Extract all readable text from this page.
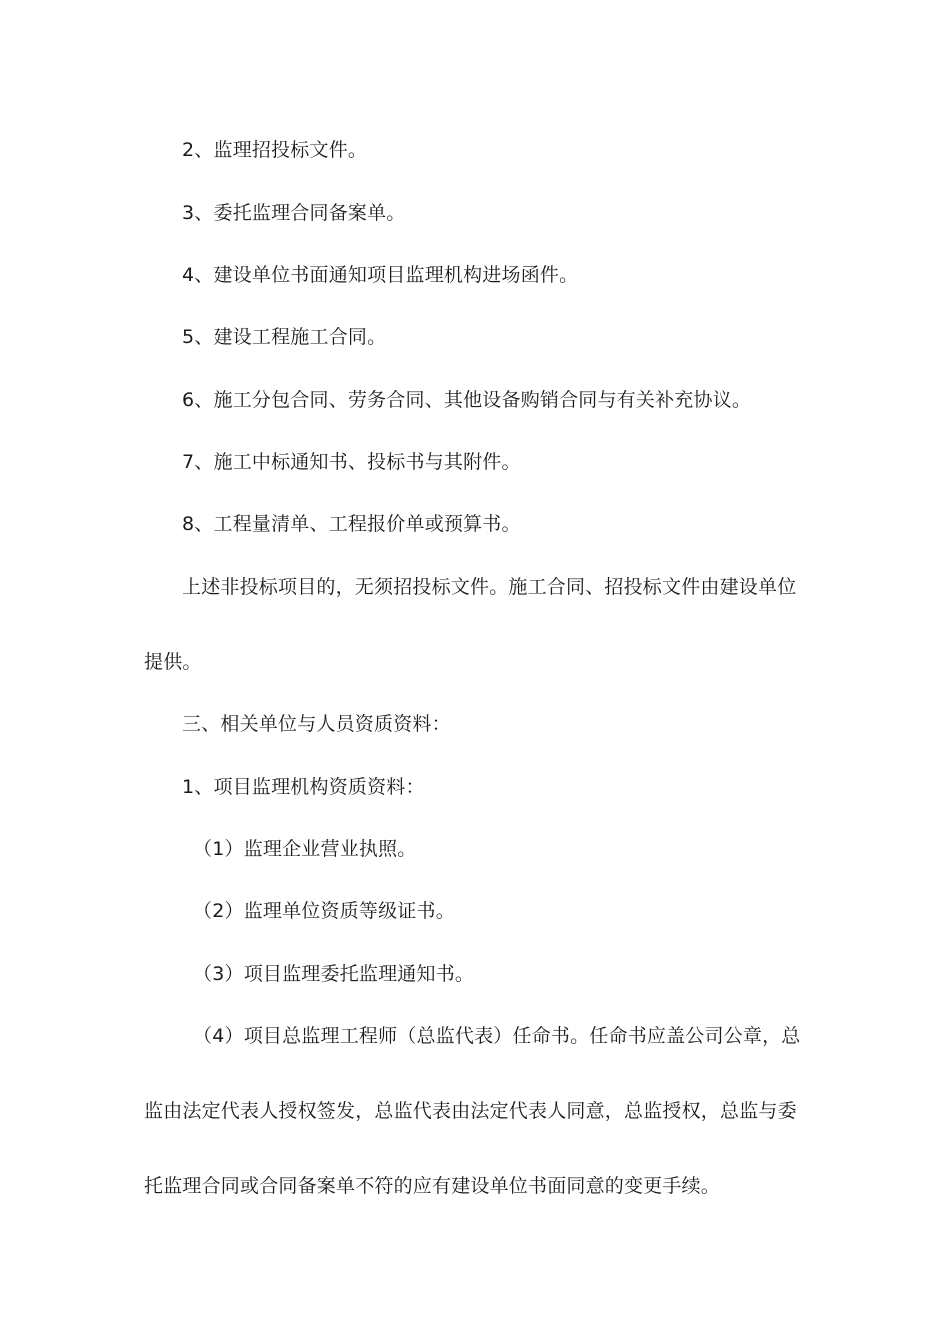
2、监理招投标文件。
3、委托监理合同备案单。
4、建设单位书面通知项目监理机构进场函件。
5、建设工程施工合同。
6、施工分包合同、劳务合同、其他设备购销合同与有关补充协议。
7、施工中标通知书、投标书与其附件。
8、工程量清单、工程报价单或预算书。
上述非投标项目的，无须招投标文件。施工合同、招投标文件由建设单位
提供。
三、相关单位与人员资质资料：
1、项目监理机构资质资料：
（1）监理企业营业执照。
（2）监理单位资质等级证书。
（3）项目监理委托监理通知书。
（4）项目总监理工程师（总监代表）任命书。任命书应盖公司公章，总
监由法定代表人授权签发，总监代表由法定代表人同意，总监授权，总监与委
托监理合同或合同备案单不符的应有建设单位书面同意的变更手续。
